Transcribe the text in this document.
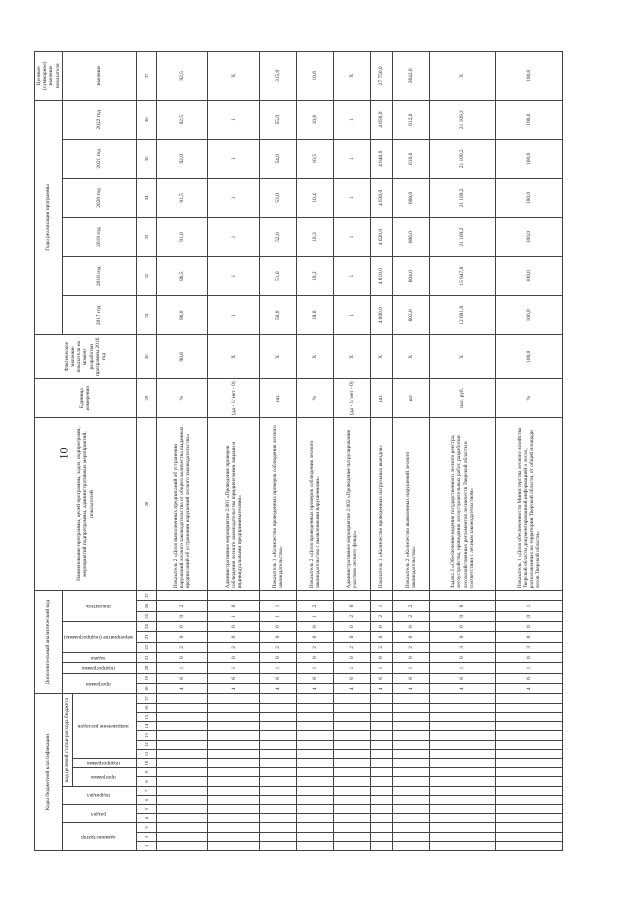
10
Коды бюджетной классификации																	Дополнительный аналитический код										Наименование программы, целей программы, задач, подпрограмм, мероприятий подпрограммы, административных мероприятий, показателей	Единица измерения	Фактическое значение показателя на момент разработки программы 2016 год	Годы реализации программы						Целевое (суммарное) значение показателя
администратор			раздел		подраздел		код целевой статьи расхода бюджета										программа		подпрограмма	задача	мероприятие (подпрограммы)			показатель						2017 год	2018 год	2019 год	2020 год	2021 год	2022 год	значение
							программа		подпрограмма	направление расходов																										
1	2	3	4	5	6	7	8	9	10	11	12	13	14	15	16	17	18	19	20	21	22	23	24	25	26	27	28	29	30	31	32	33	34	35	36	37
																	4	6	1	0	2	0	0	0	2		Показатель 2 «Доля выполненных предписаний об устранении нарушений лесного законодательства от общего количества выданных предписаний об устранении нарушений лесного законодательства»	%	90,6	90,0	90,5	91,0	91,5	92,0	92,5	92,5
																	4	6	1	0	2	0	0	1	0		Административное мероприятие 2.001 «Проведение проверок соблюдения лесного законодательства юридическими лицами и индивидуальными предпринимателями»	(да - 1/ нет - 0)	Х	1	1	1	1	1	1	Х
																	4	6	1	0	2	0	0	1	1		Показатель 1 «Количество проведенных проверок соблюдения лесного законодательства»	шт.	Х	50,0	51,0	52,0	53,0	54,0	55,0	315,0
																	4	6	1	0	2	0	0	1	2		Показатель 2 «Доля проведенных проверок соблюдения лесного законодательства с выявленными нарушениями»	%	Х	18,0	10,2	10,3	10,4	10,5	10,6	10,6
																	4	6	1	0	2	0	0	2	0		Административное мероприятие 2.002 «Проведение патрулирования участков лесного фонда»	(да - 1/ нет - 0)	Х	1	1	1	1	1	1	Х
																	4	6	1	0	2	0	0	2	1		Показатель 1 «Количество проведенных патрульных выездов»	шт.	Х	4 600,0	4 610,0	4 620,0	4 630,0	4 640,0	4 650,0	27 750,0
																	4	6	1	0	2	0	0	2	2		Показатель 2 «Количество выявленных нарушений лесного законодательства»	шт	Х	602,0	604,0	606,0	608,0	610,0	612,0	3642,0
																	4	6	1	0	3	0	0	0	0		Задача 3 «Обеспечение ведения государственного лесного реестра, лесоустройства, проведения лесоустроительных работ, разработки лесохозяйственных регламентов лесничеств Тверской области в соответствии с лесным законодательством»	тыс. руб.	Х	12 691,8	15 947,8	21 109,2	21 109,2	21 109,2	21 109,2	Х
																	4	6	1	0	3	0	0	0	1		Показатель 1 «Доля обеспеченности Министерства лесного хозяйства Тверской области документированной информацией о лесах, расположенных на территории Тверской области, от общей площади лесов Тверской области»	%	100,0	100,0	100,0	100,0	100,0	100,0	100,0	100,0
